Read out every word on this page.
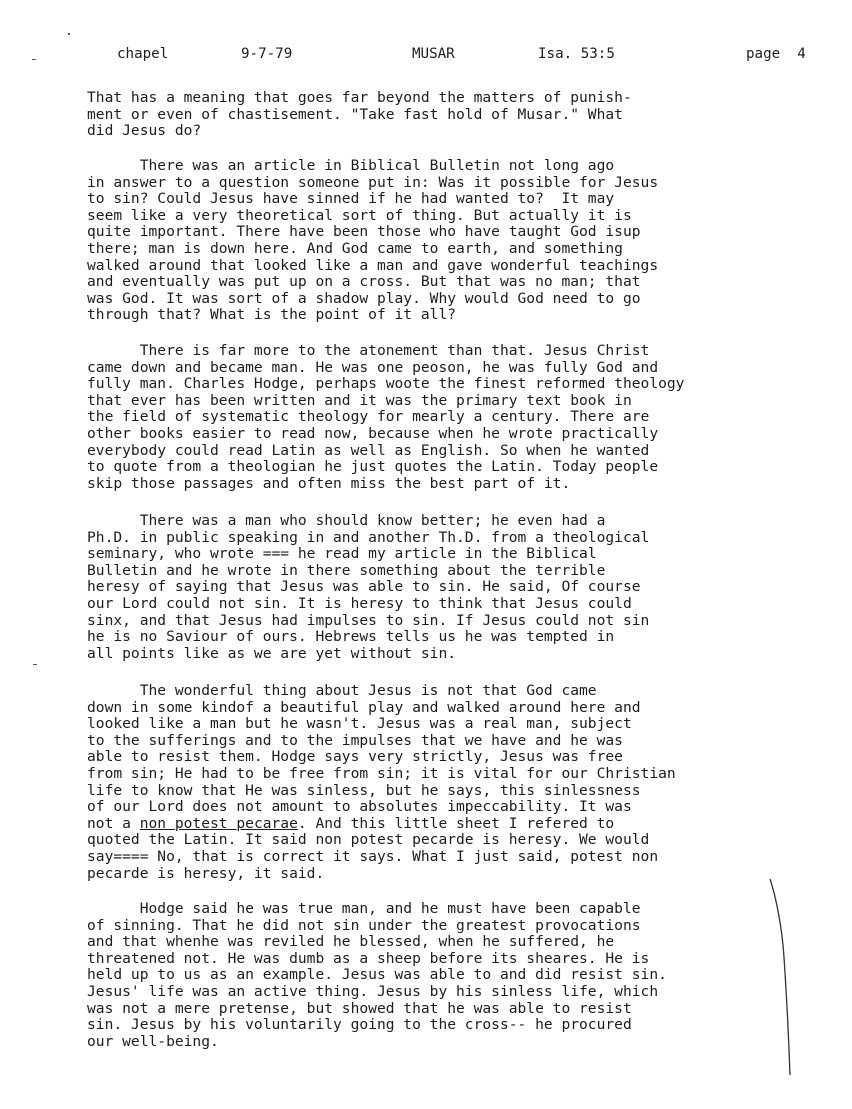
chapel	9-7-79	MUSAR	Isa. 53:5	page  4

That has a meaning that goes far beyond the matters of punish-

ment or even of chastisement. "Take fast hold of Musar." What

did Jesus do?

There was an article in Biblical Bulletin not long ago

in answer to a question someone put in: Was it possible for Jesus

to sin? Could Jesus have sinned if he had wanted to?  It may

seem like a very theoretical sort of thing. But actually it is

quite important. There have been those who have taught God isup

there; man is down here. And God came to earth, and something

walked around that looked like a man and gave wonderful teachings

and eventually was put up on a cross. But that was no man; that

was God. It was sort of a shadow play. Why would God need to go

through that? What is the point of it all?

There is far more to the atonement than that. Jesus Christ

came down and became man. He was one peoson, he was fully God and

fully man. Charles Hodge, perhaps woote the finest reformed theology

that ever has been written and it was the primary text book in

the field of systematic theology for mearly a century. There are

other books easier to read now, because when he wrote practically

everybody could read Latin as well as English. So when he wanted

to quote from a theologian he just quotes the Latin. Today people

skip those passages and often miss the best part of it.

There was a man who should know better; he even had a

Ph.D. in public speaking in and another Th.D. from a theological

seminary, who wrote === he read my article in the Biblical

Bulletin and he wrote in there something about the terrible

heresy of saying that Jesus was able to sin. He said, Of course

our Lord could not sin. It is heresy to think that Jesus could

sinx, and that Jesus had impulses to sin. If Jesus could not sin

he is no Saviour of ours. Hebrews tells us he was tempted in

all points like as we are yet without sin.

The wonderful thing about Jesus is not that God came

down in some kindof a beautiful play and walked around here and

looked like a man but he wasn't. Jesus was a real man, subject

to the sufferings and to the impulses that we have and he was

able to resist them. Hodge says very strictly, Jesus was free

from sin; He had to be free from sin; it is vital for our Christian

life to know that He was sinless, but he says, this sinlessness

of our Lord does not amount to absolutes impeccability. It was

not a non potest pecarae. And this little sheet I refered to

quoted the Latin. It said non potest pecarde is heresy. We would

say==== No, that is correct it says. What I just said, potest non

pecarde is heresy, it said.

Hodge said he was true man, and he must have been capable

of sinning. That he did not sin under the greatest provocations

and that whenhe was reviled he blessed, when he suffered, he

threatened not. He was dumb as a sheep before its sheares. He is

held up to us as an example. Jesus was able to and did resist sin.

Jesus' life was an active thing. Jesus by his sinless life, which

was not a mere pretense, but showed that he was able to resist

sin. Jesus by his voluntarily going to the cross-- he procured

our well-being.
